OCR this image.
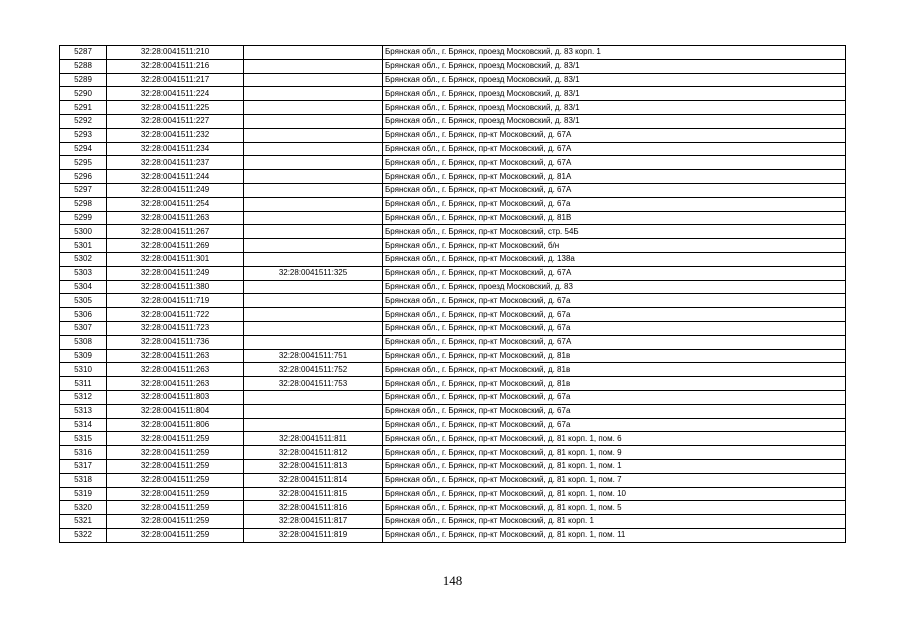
5287	32:28:0041511:210		Брянская обл., г. Брянск, проезд Московский, д. 83 корп. 1
5288	32:28:0041511:216		Брянская обл., г. Брянск, проезд Московский, д. 83/1
5289	32:28:0041511:217		Брянская обл., г. Брянск, проезд Московский, д. 83/1
5290	32:28:0041511:224		Брянская обл., г. Брянск, проезд Московский, д. 83/1
5291	32:28:0041511:225		Брянская обл., г. Брянск, проезд Московский, д. 83/1
5292	32:28:0041511:227		Брянская обл., г. Брянск, проезд Московский, д. 83/1
5293	32:28:0041511:232		Брянская обл., г. Брянск, пр-кт Московский, д. 67А
5294	32:28:0041511:234		Брянская обл., г. Брянск, пр-кт Московский, д. 67А
5295	32:28:0041511:237		Брянская обл., г. Брянск, пр-кт Московский, д. 67А
5296	32:28:0041511:244		Брянская обл., г. Брянск, пр-кт Московский, д. 81А
5297	32:28:0041511:249		Брянская обл., г. Брянск, пр-кт Московский, д. 67А
5298	32:28:0041511:254		Брянская обл., г. Брянск, пр-кт Московский, д. 67а
5299	32:28:0041511:263		Брянская обл., г. Брянск, пр-кт Московский, д. 81В
5300	32:28:0041511:267		Брянская обл., г. Брянск, пр-кт Московский, стр. 54Б
5301	32:28:0041511:269		Брянская обл., г. Брянск, пр-кт Московский, б/н
5302	32:28:0041511:301		Брянская обл., г. Брянск, пр-кт Московский, д. 138а
5303	32:28:0041511:249	32:28:0041511:325	Брянская обл., г. Брянск, пр-кт Московский, д. 67А
5304	32:28:0041511:380		Брянская обл., г. Брянск, проезд Московский, д. 83
5305	32:28:0041511:719		Брянская обл., г. Брянск, пр-кт Московский, д. 67а
5306	32:28:0041511:722		Брянская обл., г. Брянск, пр-кт Московский, д. 67а
5307	32:28:0041511:723		Брянская обл., г. Брянск, пр-кт Московский, д. 67а
5308	32:28:0041511:736		Брянская обл., г. Брянск, пр-кт Московский, д. 67А
5309	32:28:0041511:263	32:28:0041511:751	Брянская обл., г. Брянск, пр-кт Московский, д. 81в
5310	32:28:0041511:263	32:28:0041511:752	Брянская обл., г. Брянск, пр-кт Московский, д. 81в
5311	32:28:0041511:263	32:28:0041511:753	Брянская обл., г. Брянск, пр-кт Московский, д. 81в
5312	32:28:0041511:803		Брянская обл., г. Брянск, пр-кт Московский, д. 67а
5313	32:28:0041511:804		Брянская обл., г. Брянск, пр-кт Московский, д. 67а
5314	32:28:0041511:806		Брянская обл., г. Брянск, пр-кт Московский, д. 67а
5315	32:28:0041511:259	32:28:0041511:811	Брянская обл., г. Брянск, пр-кт Московский, д. 81 корп. 1, пом. 6
5316	32:28:0041511:259	32:28:0041511:812	Брянская обл., г. Брянск, пр-кт Московский, д. 81 корп. 1, пом. 9
5317	32:28:0041511:259	32:28:0041511:813	Брянская обл., г. Брянск, пр-кт Московский, д. 81 корп. 1, пом. 1
5318	32:28:0041511:259	32:28:0041511:814	Брянская обл., г. Брянск, пр-кт Московский, д. 81 корп. 1, пом. 7
5319	32:28:0041511:259	32:28:0041511:815	Брянская обл., г. Брянск, пр-кт Московский, д. 81 корп. 1, пом. 10
5320	32:28:0041511:259	32:28:0041511:816	Брянская обл., г. Брянск, пр-кт Московский, д. 81 корп. 1, пом. 5
5321	32:28:0041511:259	32:28:0041511:817	Брянская обл., г. Брянск, пр-кт Московский, д. 81 корп. 1
5322	32:28:0041511:259	32:28:0041511:819	Брянская обл., г. Брянск, пр-кт Московский, д. 81 корп. 1, пом. 11
148
